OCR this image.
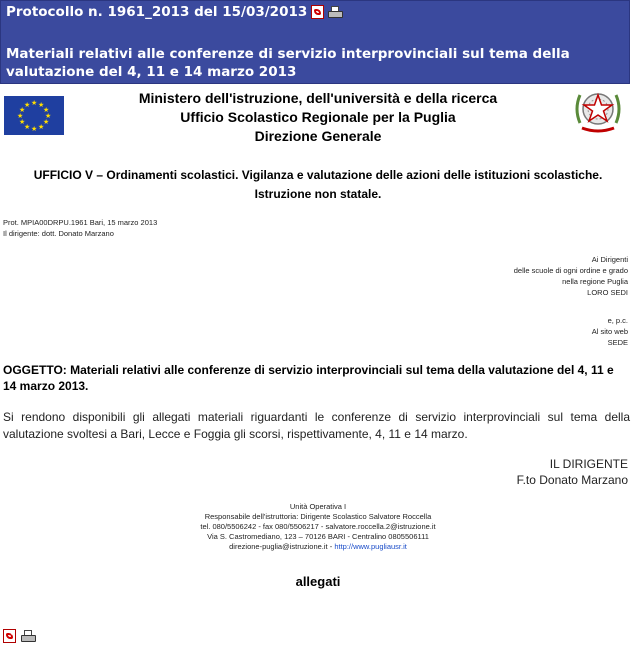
Protocollo n. 1961_2013 del 15/03/2013
Materiali relativi alle conferenze di servizio interprovinciali sul tema della valutazione del 4, 11 e 14 marzo 2013
★ ★
★
★
★
★
★
★
★
★
★
★	Ministero dell'istruzione, dell'università e della ricerca
Ufficio Scolastico Regionale per la Puglia
Direzione Generale
UFFICIO V – Ordinamenti scolastici. Vigilanza e valutazione delle azioni delle istituzioni scolastiche. Istruzione non statale.
Prot. MPIA00DRPU.1961 Bari, 15 marzo 2013
Il dirigente: dott. Donato Marzano
Ai Dirigenti
delle scuole di ogni ordine e grado
nella regione Puglia
LORO SEDI
e, p.c.
Al sito web
SEDE
OGGETTO: Materiali relativi alle conferenze di servizio interprovinciali sul tema della valutazione del 4, 11 e 14 marzo 2013.
Si rendono disponibili gli allegati materiali riguardanti le conferenze di servizio interprovinciali sul tema della valutazione svoltesi a Bari, Lecce e Foggia gli scorsi, rispettivamente, 4, 11 e 14 marzo.
IL DIRIGENTE
F.to Donato Marzano
Unità Operativa I
Responsabile dell'istruttoria: Dirigente Scolastico Salvatore Roccella
tel. 080/5506242 - fax 080/5506217 - salvatore.roccella.2@istruzione.it
Via S. Castromediano, 123 – 70126 BARI - Centralino 0805506111
direzione-puglia@istruzione.it - http://www.pugliausr.it
allegati
